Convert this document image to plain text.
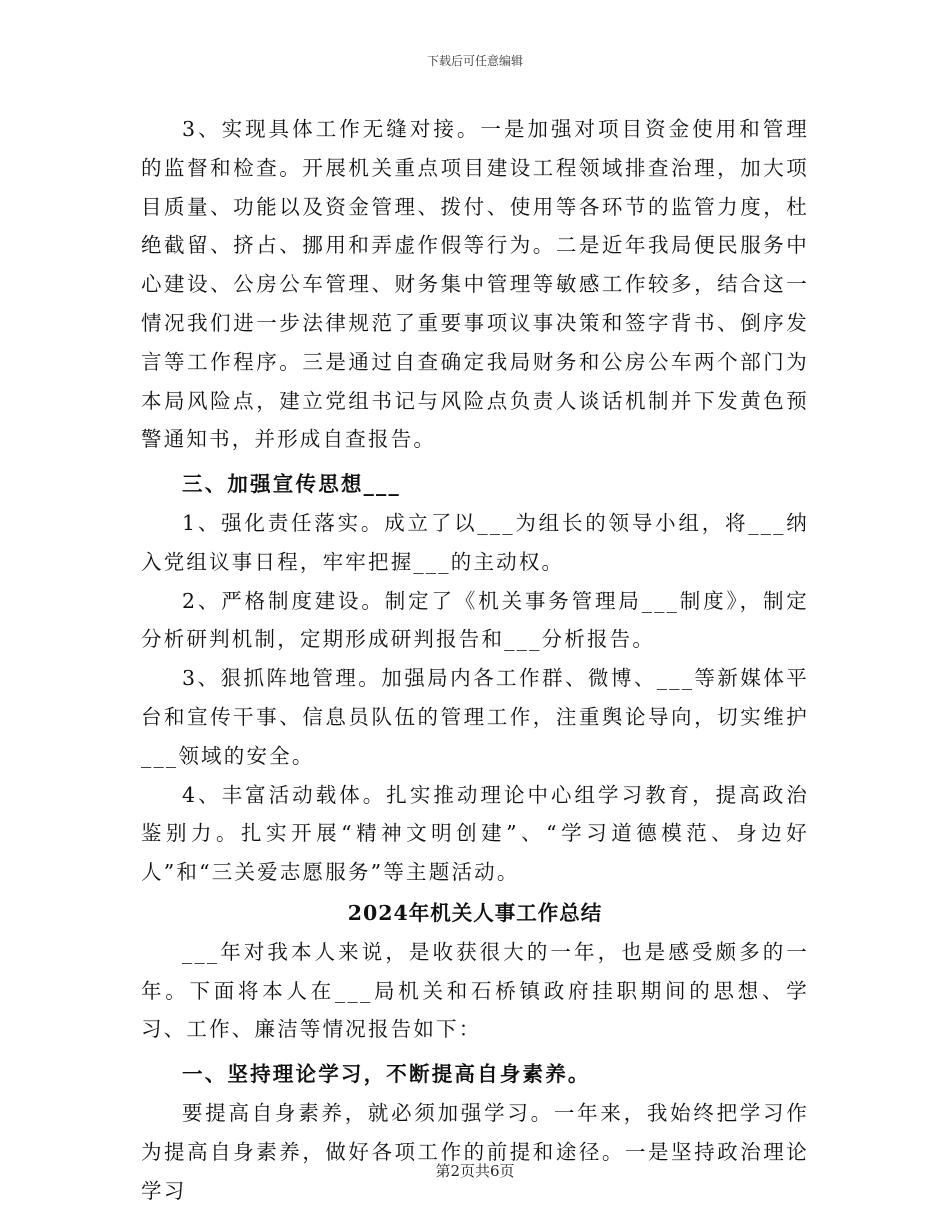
下载后可任意编辑

3、实现具体工作无缝对接。一是加强对项目资金使用和管理的监督和检查。开展机关重点项目建设工程领域排查治理，加大项目质量、功能以及资金管理、拨付、使用等各环节的监管力度，杜绝截留、挤占、挪用和弄虚作假等行为。二是近年我局便民服务中心建设、公房公车管理、财务集中管理等敏感工作较多，结合这一情况我们进一步法律规范了重要事项议事决策和签字背书、倒序发言等工作程序。三是通过自查确定我局财务和公房公车两个部门为本局风险点，建立党组书记与风险点负责人谈话机制并下发黄色预警通知书，并形成自查报告。

三、加强宣传思想___

1、强化责任落实。成立了以___为组长的领导小组，将___纳入党组议事日程，牢牢把握___的主动权。

2、严格制度建设。制定了《机关事务管理局___制度》，制定分析研判机制，定期形成研判报告和___分析报告。

3、狠抓阵地管理。加强局内各工作群、微博、___等新媒体平台和宣传干事、信息员队伍的管理工作，注重舆论导向，切实维护___领域的安全。

4、丰富活动载体。扎实推动理论中心组学习教育，提高政治鉴别力。扎实开展“精神文明创建”、“学习道德模范、身边好人”和“三关爱志愿服务”等主题活动。

2024年机关人事工作总结

___年对我本人来说，是收获很大的一年，也是感受颇多的一年。下面将本人在___局机关和石桥镇政府挂职期间的思想、学习、工作、廉洁等情况报告如下：

一、坚持理论学习，不断提高自身素养。

要提高自身素养，就必须加强学习。一年来，我始终把学习作为提高自身素养，做好各项工作的前提和途径。一是坚持政治理论学习

第2页共6页
